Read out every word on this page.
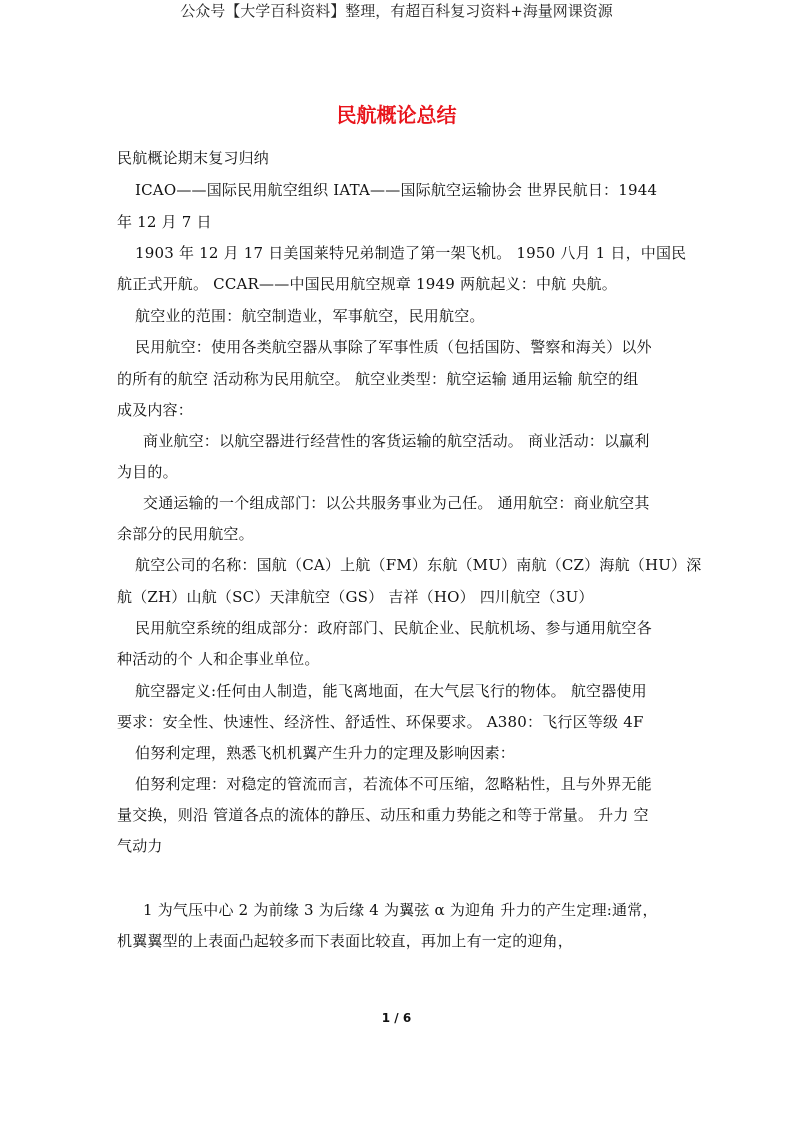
公众号【大学百科资料】整理，有超百科复习资料+海量网课资源
民航概论总结
民航概论期末复习归纳
ICAO——国际民用航空组织 IATA——国际航空运输协会 世界民航日：1944
年 12 月 7 日
1903 年 12 月 17 日美国莱特兄弟制造了第一架飞机。 1950 八月 1 日，中国民
航正式开航。 CCAR——中国民用航空规章 1949 两航起义：中航 央航。
航空业的范围：航空制造业，军事航空，民用航空。
民用航空：使用各类航空器从事除了军事性质（包括国防、警察和海关）以外
的所有的航空 活动称为民用航空。 航空业类型：航空运输 通用运输 航空的组
成及内容：
商业航空：以航空器进行经营性的客货运输的航空活动。 商业活动：以赢利
为目的。
交通运输的一个组成部门：以公共服务事业为己任。 通用航空：商业航空其
余部分的民用航空。
航空公司的名称：国航（CA）上航（FM）东航（MU）南航（CZ）海航（HU）深
航（ZH）山航（SC）天津航空（GS） 吉祥（HO） 四川航空（3U）
民用航空系统的组成部分：政府部门、民航企业、民航机场、参与通用航空各
种活动的个 人和企事业单位。
航空器定义:任何由人制造，能飞离地面，在大气层飞行的物体。 航空器使用
要求：安全性、快速性、经济性、舒适性、环保要求。 A380：飞行区等级 4F
伯努利定理，熟悉飞机机翼产生升力的定理及影响因素：
伯努利定理：对稳定的管流而言，若流体不可压缩，忽略粘性，且与外界无能
量交换，则沿 管道各点的流体的静压、动压和重力势能之和等于常量。 升力 空
气动力
1 为气压中心 2 为前缘 3 为后缘 4 为翼弦 α 为迎角 升力的产生定理:通常，
机翼翼型的上表面凸起较多而下表面比较直，再加上有一定的迎角，
1 / 6
